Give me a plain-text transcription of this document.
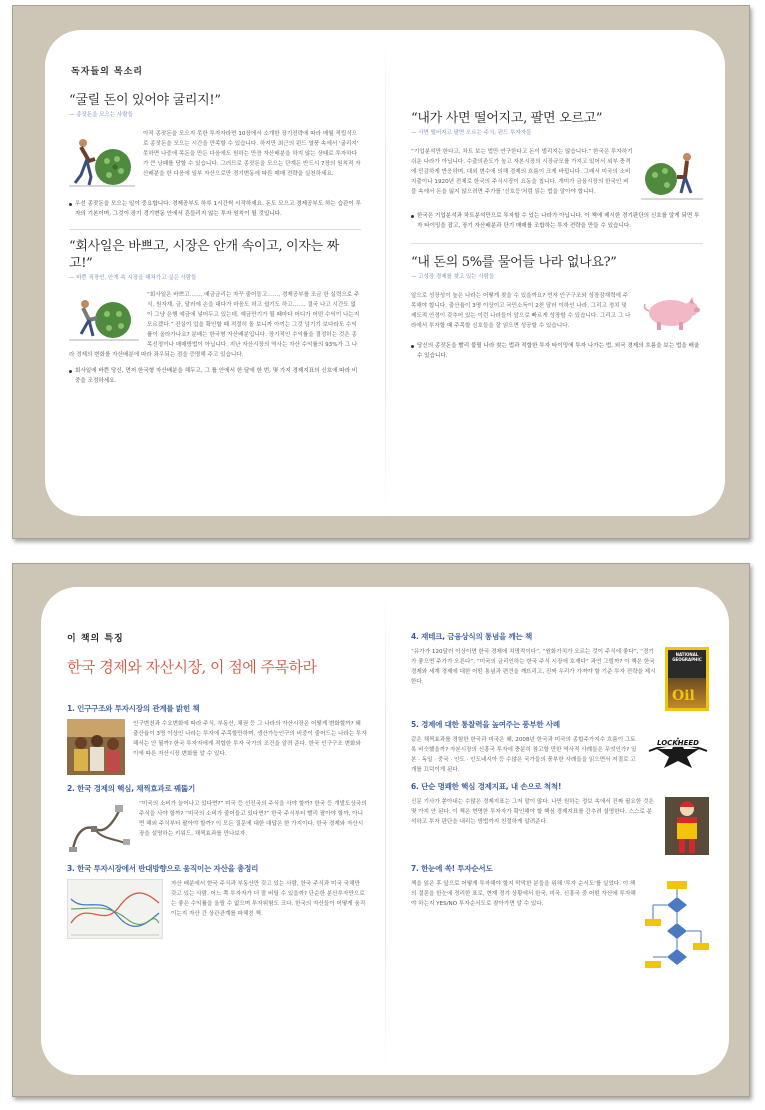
독자들의 목소리
“굴릴 돈이 있어야 굴리지!”
— 종잣돈을 모으는 사람들
아직 종잣돈을 모으지 못한 투자자라면 10장에서 소개한 장기전략에 따라 매월 적립식으로 종잣돈을 모으는 시간을 만족할 수 있습니다. 하지만 최근의 펀드 열풍 속에서 '굴리지' 못하면 나중에 목돈을 만든 다음에도 원하는 만큼 자산배분을 하지 않는 상태로 투자하다가 큰 낭패를 당할 수 있습니다. 그러므로 종잣돈을 모으는 단계든 반드시 7장의 원칙적 자산배분을 한 다음에 일부 자산으로만 경기변동에 따른 매매 전략을 실천하세요.
우선 종잣돈을 모으는 일이 중요합니다. 경제공부도 하루 1시간씩 시작하세요. 돈도 모으고 경제공부도 하는 습관이 투자의 기본이며, 그것이 장기 경기변동 안에서 흔들리지 않는 투자 원칙이 될 것입니다.
“회사일은 바쁘고, 시장은 안개 속이고, 이자는 짜고!”
— 바쁜 직장인, 안개 속 시장을 헤쳐가고 싶은 사람들
“회사일은 바쁘고……, 예금금리는 자꾸 줄어들고……, 경제공부를 조금 한 실력으로 주식, 원자재, 금, 달러에 손을 대다가 마음도 허고 쉽기도 하고……. 결국 나고 시간도 없이 그냥 은행 예금에 넣어두고 있는데, 예금만기가 될 때마다 어디가 어떤 수익이 나는지 모르겠다.” 진실이 업을 확인할 때 적절히 돌 보니까 아끼는 그것 넘기기 보다라도 수익률이 올라가나요? 분배는 한국형 자산배분입니다. 장기적인 수익률을 결정하는 것은 종목선정이나 매매방법이 아닙니다. 지난 자산시장의 역사는 자산 수익률의 93%가 그 나라 경제의 변화를 자산배분에 따라 좌우되는 점을 증명해 주고 있습니다.
회사일에 바쁜 당신, 먼저 한국형 자산배분을 해두고, 그 틀 안에서 한 달에 한 번, 몇 가지 경제지표의 신호에 따라 비중을 조정하세요.
“내가 사면 떨어지고, 팔면 오르고”
— 사면 떨어지고 팔면 오르는 주식, 펀드 투자자들
“기업분석만 한다고, 차트 보는 법만 연구한다고 돈이 벌리지는 않습니다.” 한국은 투자하기 쉬운 나라가 아닙니다. 수출의존도가 높고 자본시장의 시장규모를 가지고 있어서 외부 충격에 민감하게 반응하며, 대외 변수에 의해 경제의 흐름이 크게 바뀝니다. 그래서 미국의 소비지출이나 1920년 전체로 한국의 주식시장이 요동을 칩니다. 개미가 금융시장의 한국인 버블 속에서 돈을 잃지 않으려면 주가를 '신호등'처럼 읽는 법을 알아야 합니다.
한국은 기업분석과 차트분석만으로 투자할 수 있는 나라가 아닙니다. 이 책에 제시한 경기판단의 신호를 알게 되면 투자 타이밍을 잡고, 장기 자산배분과 단기 매매를 조합하는 투자 전략을 만들 수 있습니다.
“내 돈의 5%를 물어들 나라 없나요?”
— 고성장 경제를 찾고 있는 사람들
앞으로 성장성이 높은 나라는 어떻게 찾을 수 있을까요? 먼저 인구구조와 성장잠재력에 주목해야 합니다. 출산율이 3명 이상이고 국민소득이 2천 달러 이하인 나라, 그리고 정치 및 제도적 안정이 갖추어 있는 이런 나라들이 앞으로 빠르게 성장할 수 있습니다. 그리고 그 나라에서 투자할 때 주목할 신호들을 잘 읽으면 성공할 수 있습니다.
당신의 종잣돈을 빨리 불릴 나라 찾는 법과 적합한 투자 타이밍에 투자 나가는 법, 외국 경제의 흐름을 보는 법을 배울 수 있습니다.
이 책의 특징
한국 경제와 자산시장, 이 점에 주목하라
1. 인구구조와 투자시장의 관계를 밝힌 책
인구변천과 수요변화에 따라 주식, 부동산, 채권 등 그 나라의 자산시장은 어떻게 변화할까? 왜 출산율이 3명 이상인 나라는 투자에 주목할만하며, 생산가능인구의 비중이 줄어드는 나라는 투자해서는 안 될까? 한국 투자자에게 적합한 투자 국가의 조건을 알려 준다. 한국 인구구조 변화와 이에 따른 자산시장 변화를 알 수 있다.
2. 한국 경제의 핵심, 채찍효과로 꿰뚫기
“미국의 소비가 늘어나고 있다면?” 미국 등 선진국의 주식을 사야 할까? 한국 등 개발도상국의 주식을 사야 할까? “미국의 소비가 줄어들고 있다면?” 한국 주식부터 빨리 팔아야 할까, 아니면 해외 주식부터 팔아야 할까? 이 모든 질문에 대한 대답은 한 가지이다. 한국 경제와 자산시장을 설명하는 키워드, 채찍효과를 만나보자.
3. 한국 투자시장에서 반대방향으로 움직이는 자산을 총정리
자산 배분에서 한국 주식과 부동산만 갖고 있는 사람, 한국 주식과 미국 국채만 갖고 있는 사람. 어느 쪽 투자자가 더 잘 버틸 수 있을까? 단순한 분산투자만으로는 좋은 수익률을 올릴 수 없으며 투자위험도 크다. 한국의 자산들이 어떻게 움직이는지 자산 간 상관관계를 파헤친 책.
4. 재테크, 금융상식의 통념을 깨는 책
NATIONAL GEOGRAPHIC
Oil
“유가가 120달러 이상이면 한국 경제에 치명적이다”, “원화가치가 오르는 것이 주식에 좋다”, “경기가 좋으면 주가가 오른다”, “미국의 금리인하는 한국 주식 시장에 호재다” 과연 그럴까? 이 책은 한국 경제와 세계 경제에 대한 어떤 통념과 편견을 깨뜨리고, 진짜 우리가 가져야 할 기준 투자 전략을 제시한다.
5. 경제에 대한 통찰력을 높여주는 풍부한 사례
LOCKHEED
같은 채찍효과를 경험한 한국과 미국은 왜, 2008년 한국과 미국의 종합주가지수 흐름이 그토록 비슷했을까? 자본시장의 신흥국 투자에 충분히 참고할 만한 역사적 사례들은 무엇인가? 일본 · 독일 · 중국 · 인도 · 인도네시아 등 수많은 국가들의 풍부한 사례들을 읽으면서 저절로 고개를 끄덕이게 된다.
6. 단순 명쾌한 핵심 경제지표, 내 손으로 척척!
신문 기사가 쏟아내는 수많은 경제지표는 그저 말이 많다. 나만 원하는 정보 속에서 진짜 필요한 것은 몇 가지 안 된다. 이 책은 현명한 투자자가 확인해야 할 핵심 경제지표를 간추려 설명한다. 스스로 분석하고 투자 판단을 내리는 방법까지 친절하게 알려준다.
7. 한눈에 쏙! 투자순서도
책을 읽은 후 앞으로 어떻게 투자해야 할지 막막한 분들을 위해 '투자 순서도'를 실었다. 이 책의 결론을 한눈에 정리한 표로, 현재 경기 상황에서 한국, 미국, 신흥국 중 어떤 자산에 투자해야 하는지 YES/NO 투자순서도로 찾아가면 알 수 있다.
